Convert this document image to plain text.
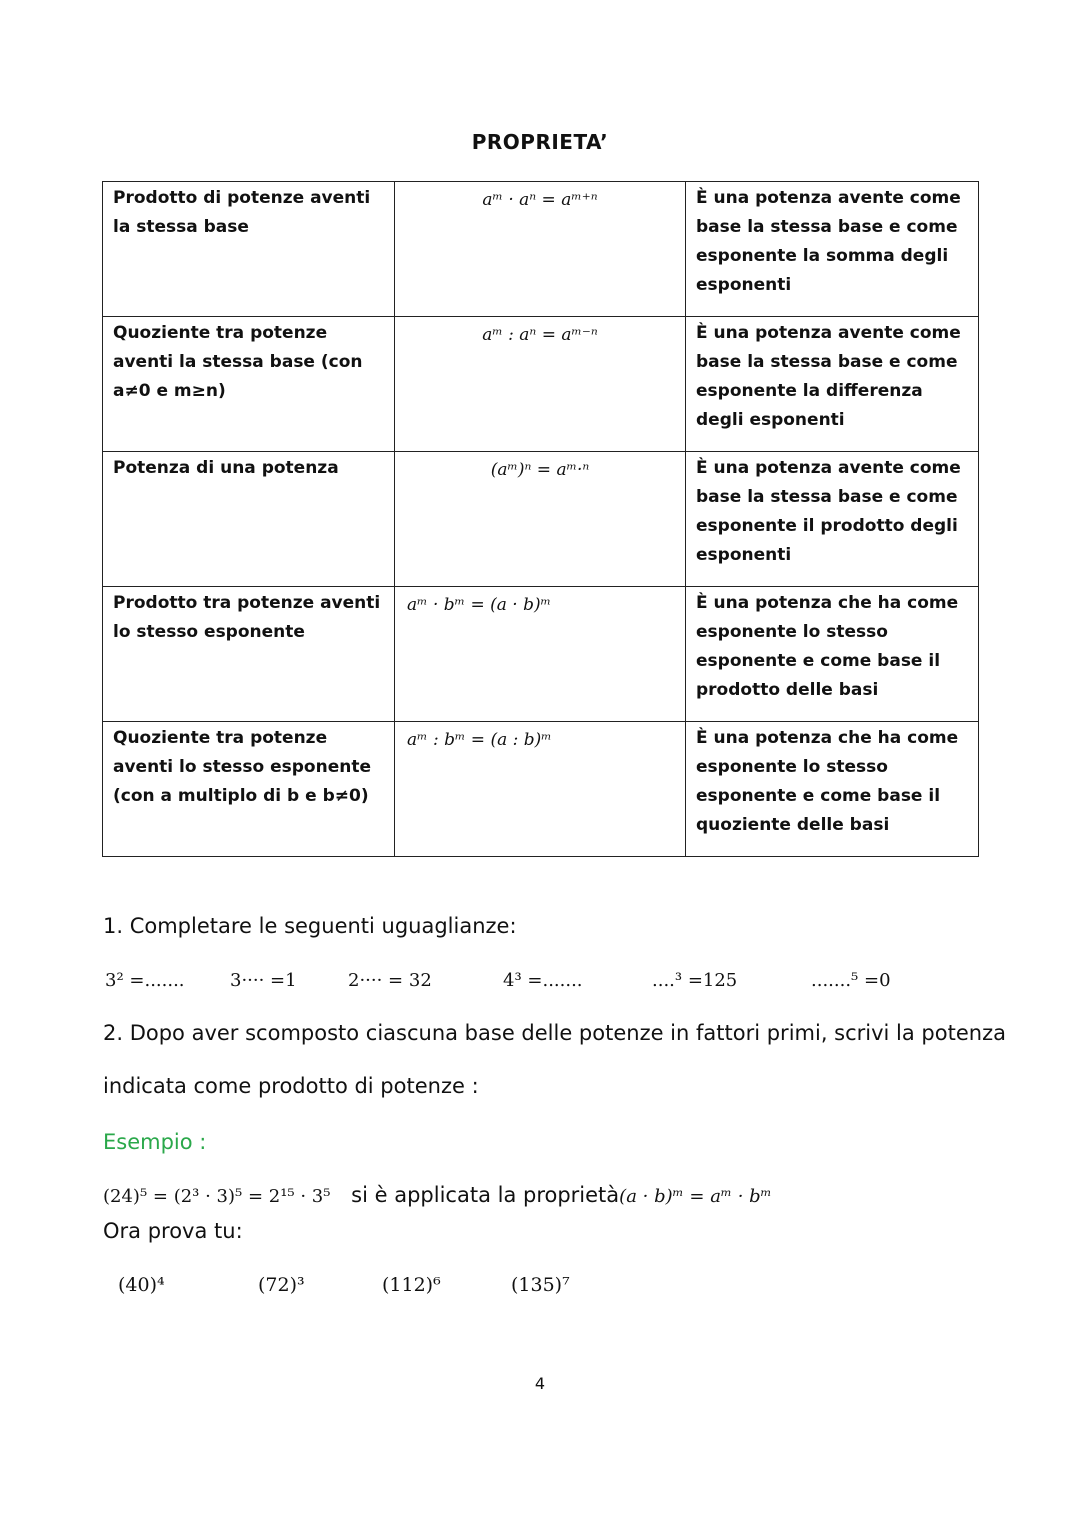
PROPRIETA’
Prodotto di potenze aventi la stessa base	aᵐ · aⁿ = aᵐ⁺ⁿ	È una potenza avente come base la stessa base e come esponente la somma degli esponenti

Quoziente tra potenze aventi la stessa base (con a≠0 e m≥n)	aᵐ : aⁿ = aᵐ⁻ⁿ	È una potenza avente come base la stessa base e come esponente la differenza degli esponenti

Potenza di una potenza	(aᵐ)ⁿ = aᵐ·ⁿ	È una potenza avente come base la stessa base e come esponente il prodotto degli esponenti

Prodotto tra potenze aventi lo stesso esponente	aᵐ · bᵐ = (a · b)ᵐ	È una potenza che ha come esponente lo stesso esponente e come base il prodotto delle basi

Quoziente tra potenze aventi lo stesso esponente (con a multiplo di b e b≠0)	aᵐ : bᵐ = (a : b)ᵐ	È una potenza che ha come esponente lo stesso esponente e come base il quoziente delle basi
1. Completare le seguenti uguaglianze:
3² =.......	3···· =1	2···· = 32	4³ =.......	....³ =125	.......⁵ =0
2. Dopo aver scomposto ciascuna base delle potenze in fattori primi, scrivi la potenza
indicata come prodotto di potenze :
Esempio :
(24)⁵ = (2³ · 3)⁵ = 2¹⁵ · 3⁵ si è applicata la proprietà(a · b)ᵐ = aᵐ · bᵐ
Ora prova tu:
(40)⁴	(72)³	(112)⁶	(135)⁷
4
